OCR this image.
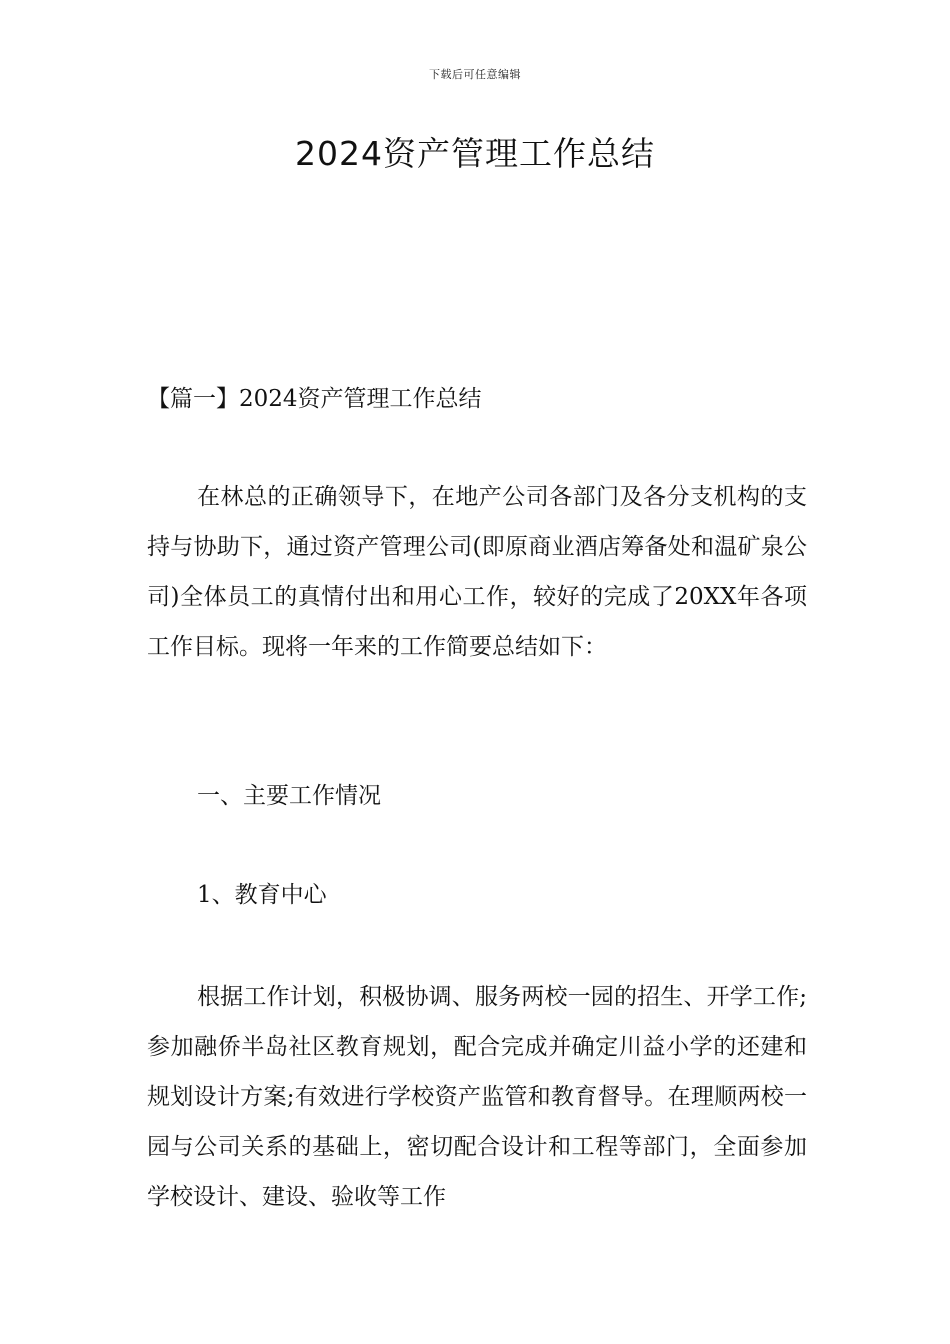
下载后可任意编辑
2024资产管理工作总结
【篇一】2024资产管理工作总结

在林总的正确领导下，在地产公司各部门及各分支机构的支持与协助下，通过资产管理公司(即原商业酒店筹备处和温矿泉公司)全体员工的真情付出和用心工作，较好的完成了20XX年各项工作目标。现将一年来的工作简要总结如下：

一、主要工作情况
1、教育中心

根据工作计划，积极协调、服务两校一园的招生、开学工作;参加融侨半岛社区教育规划，配合完成并确定川益小学的还建和规划设计方案;有效进行学校资产监管和教育督导。在理顺两校一园与公司关系的基础上，密切配合设计和工程等部门，全面参加学校设计、建设、验收等工作
